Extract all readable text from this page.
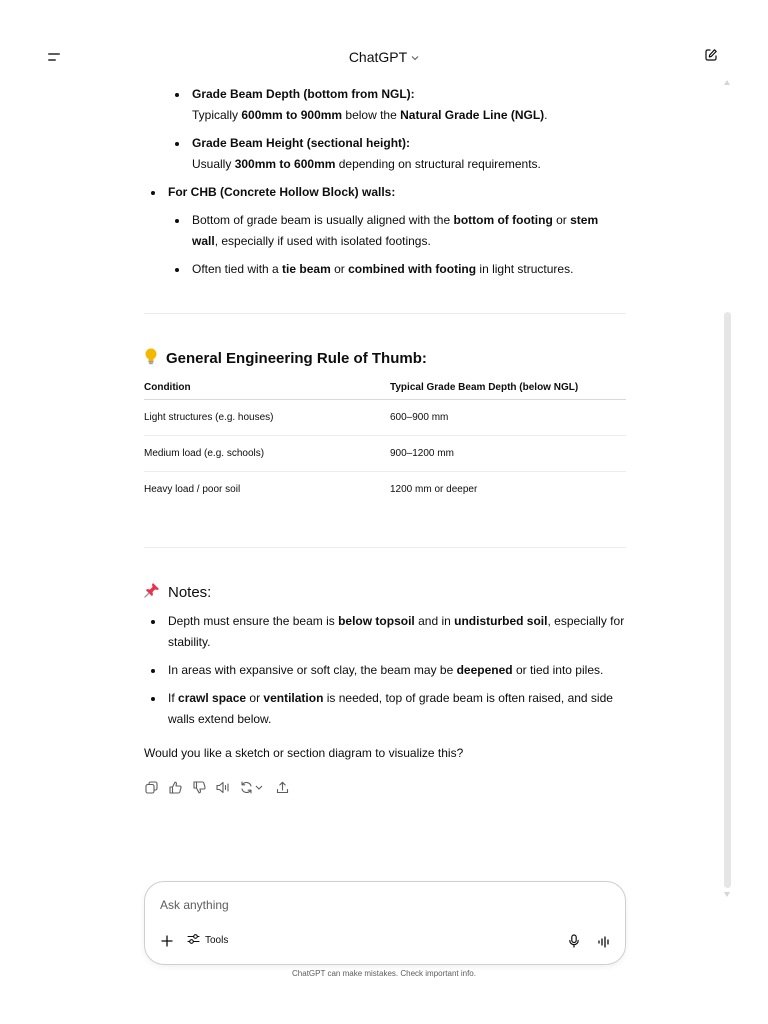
ChatGPT
Grade Beam Depth (bottom from NGL):
Typically 600mm to 900mm below the Natural Grade Line (NGL).
Grade Beam Height (sectional height):
Usually 300mm to 600mm depending on structural requirements.
For CHB (Concrete Hollow Block) walls:
Bottom of grade beam is usually aligned with the bottom of footing or stem wall, especially if used with isolated footings.
Often tied with a tie beam or combined with footing in light structures.
General Engineering Rule of Thumb:
Condition	Typical Grade Beam Depth (below NGL)
Light structures (e.g. houses)	600–900 mm
Medium load (e.g. schools)	900–1200 mm
Heavy load / poor soil	1200 mm or deeper
Notes:
Depth must ensure the beam is below topsoil and in undisturbed soil, especially for stability.
In areas with expansive or soft clay, the beam may be deepened or tied into piles.
If crawl space or ventilation is needed, top of grade beam is often raised, and side walls extend below.
Would you like a sketch or section diagram to visualize this?
Ask anything
Tools
ChatGPT can make mistakes. Check important info.
